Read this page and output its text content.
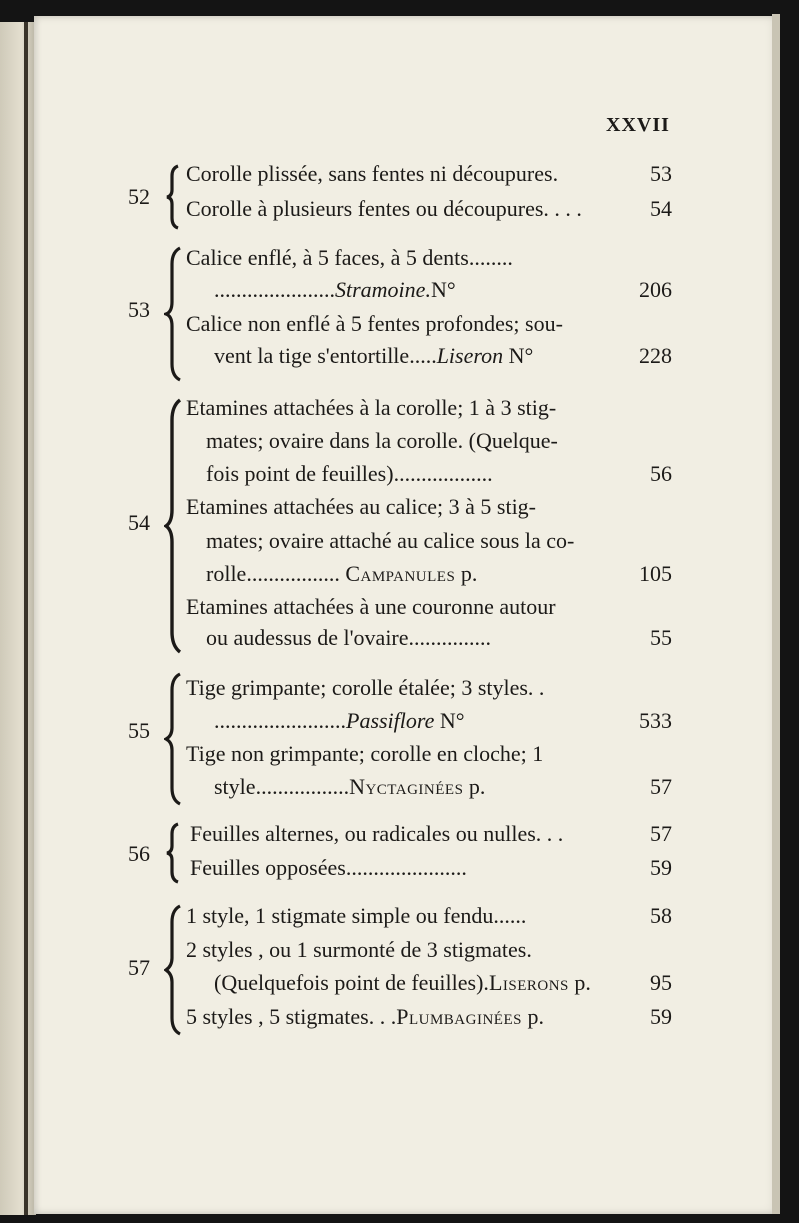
XXVII
52
Corolle plissée, sans fentes ni découpures.	53
Corolle à plusieurs fentes ou découpures. . . .	54
53
Calice enflé, à 5 faces, à 5 dents........
......................Stramoine.N°	206
Calice non enflé à 5 fentes profondes; sou-
vent la tige s'entortille.....Liseron N°	228
54
Etamines attachées à la corolle; 1 à 3 stig-
mates; ovaire dans la corolle. (Quelque-
fois point de feuilles)..................	56
Etamines attachées au calice; 3 à 5 stig-
mates; ovaire attaché au calice sous la co-
rolle................. Campanules p.	105
Etamines attachées à une couronne autour
ou audessus de l'ovaire...............	55
55
Tige grimpante; corolle étalée; 3 styles. .
........................Passiflore N°	533
Tige non grimpante; corolle en cloche; 1
style.................Nyctaginées p.	57
56
Feuilles alternes, ou radicales ou nulles. . .	57
Feuilles opposées......................	59
57
1 style, 1 stigmate simple ou fendu......	58
2 styles , ou 1 surmonté de 3 stigmates.
(Quelquefois point de feuilles).Liserons p.	95
5 styles , 5 stigmates. . .Plumbaginées p.	59
